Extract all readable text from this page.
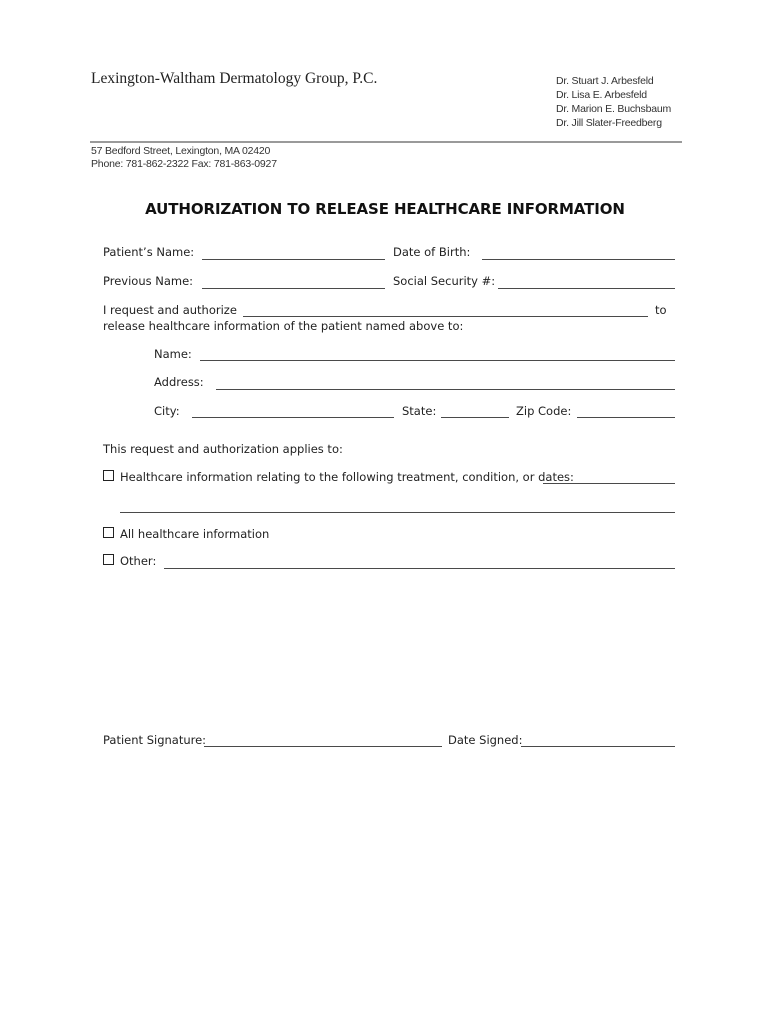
Lexington-Waltham Dermatology Group, P.C.	Dr. Stuart J. Arbesfeld
Dr. Lisa E. Arbesfeld
Dr. Marion E. Buchsbaum
Dr. Jill Slater-Freedberg
57 Bedford Street, Lexington, MA 02420
Phone: 781-862-2322 Fax: 781-863-0927
AUTHORIZATION TO RELEASE HEALTHCARE INFORMATION
Patient’s Name:	Date of Birth:
Previous Name:	Social Security #:
I request and authorize	to
release healthcare information of the patient named above to:
Name:
Address:
City:	State:	Zip Code:
This request and authorization applies to:
Healthcare information relating to the following treatment, condition, or dates:
All healthcare information
Other:
Patient Signature:	Date Signed:
